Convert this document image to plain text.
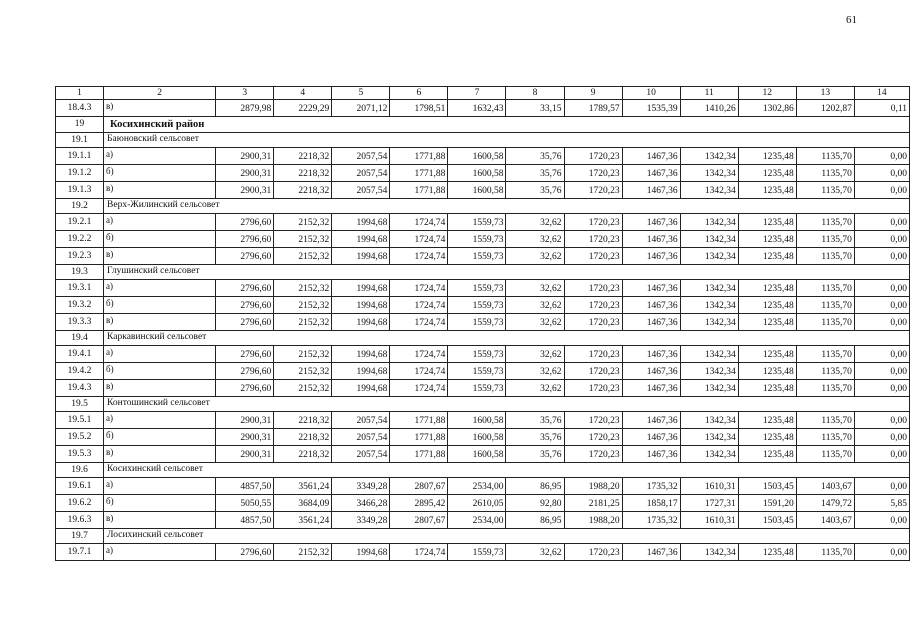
61
1	2	3	4	5	6	7	8	9	10	11	12	13	14
18.4.3	в)	2879,98	2229,29	2071,12	1798,51	1632,43	33,15	1789,57	1535,39	1410,26	1302,86	1202,87	0,11
19	Косихинский район												
19.1	Баюновский сельсовет												
19.1.1	а)	2900,31	2218,32	2057,54	1771,88	1600,58	35,76	1720,23	1467,36	1342,34	1235,48	1135,70	0,00
19.1.2	б)	2900,31	2218,32	2057,54	1771,88	1600,58	35,76	1720,23	1467,36	1342,34	1235,48	1135,70	0,00
19.1.3	в)	2900,31	2218,32	2057,54	1771,88	1600,58	35,76	1720,23	1467,36	1342,34	1235,48	1135,70	0,00
19.2	Верх-Жилинский сельсовет												
19.2.1	а)	2796,60	2152,32	1994,68	1724,74	1559,73	32,62	1720,23	1467,36	1342,34	1235,48	1135,70	0,00
19.2.2	б)	2796,60	2152,32	1994,68	1724,74	1559,73	32,62	1720,23	1467,36	1342,34	1235,48	1135,70	0,00
19.2.3	в)	2796,60	2152,32	1994,68	1724,74	1559,73	32,62	1720,23	1467,36	1342,34	1235,48	1135,70	0,00
19.3	Глушинский сельсовет												
19.3.1	а)	2796,60	2152,32	1994,68	1724,74	1559,73	32,62	1720,23	1467,36	1342,34	1235,48	1135,70	0,00
19.3.2	б)	2796,60	2152,32	1994,68	1724,74	1559,73	32,62	1720,23	1467,36	1342,34	1235,48	1135,70	0,00
19.3.3	в)	2796,60	2152,32	1994,68	1724,74	1559,73	32,62	1720,23	1467,36	1342,34	1235,48	1135,70	0,00
19.4	Каркавинский сельсовет												
19.4.1	а)	2796,60	2152,32	1994,68	1724,74	1559,73	32,62	1720,23	1467,36	1342,34	1235,48	1135,70	0,00
19.4.2	б)	2796,60	2152,32	1994,68	1724,74	1559,73	32,62	1720,23	1467,36	1342,34	1235,48	1135,70	0,00
19.4.3	в)	2796,60	2152,32	1994,68	1724,74	1559,73	32,62	1720,23	1467,36	1342,34	1235,48	1135,70	0,00
19.5	Контошинский сельсовет												
19.5.1	а)	2900,31	2218,32	2057,54	1771,88	1600,58	35,76	1720,23	1467,36	1342,34	1235,48	1135,70	0,00
19.5.2	б)	2900,31	2218,32	2057,54	1771,88	1600,58	35,76	1720,23	1467,36	1342,34	1235,48	1135,70	0,00
19.5.3	в)	2900,31	2218,32	2057,54	1771,88	1600,58	35,76	1720,23	1467,36	1342,34	1235,48	1135,70	0,00
19.6	Косихинский сельсовет												
19.6.1	а)	4857,50	3561,24	3349,28	2807,67	2534,00	86,95	1988,20	1735,32	1610,31	1503,45	1403,67	0,00
19.6.2	б)	5050,55	3684,09	3466,28	2895,42	2610,05	92,80	2181,25	1858,17	1727,31	1591,20	1479,72	5,85
19.6.3	в)	4857,50	3561,24	3349,28	2807,67	2534,00	86,95	1988,20	1735,32	1610,31	1503,45	1403,67	0,00
19.7	Лосихинский сельсовет												
19.7.1	а)	2796,60	2152,32	1994,68	1724,74	1559,73	32,62	1720,23	1467,36	1342,34	1235,48	1135,70	0,00
